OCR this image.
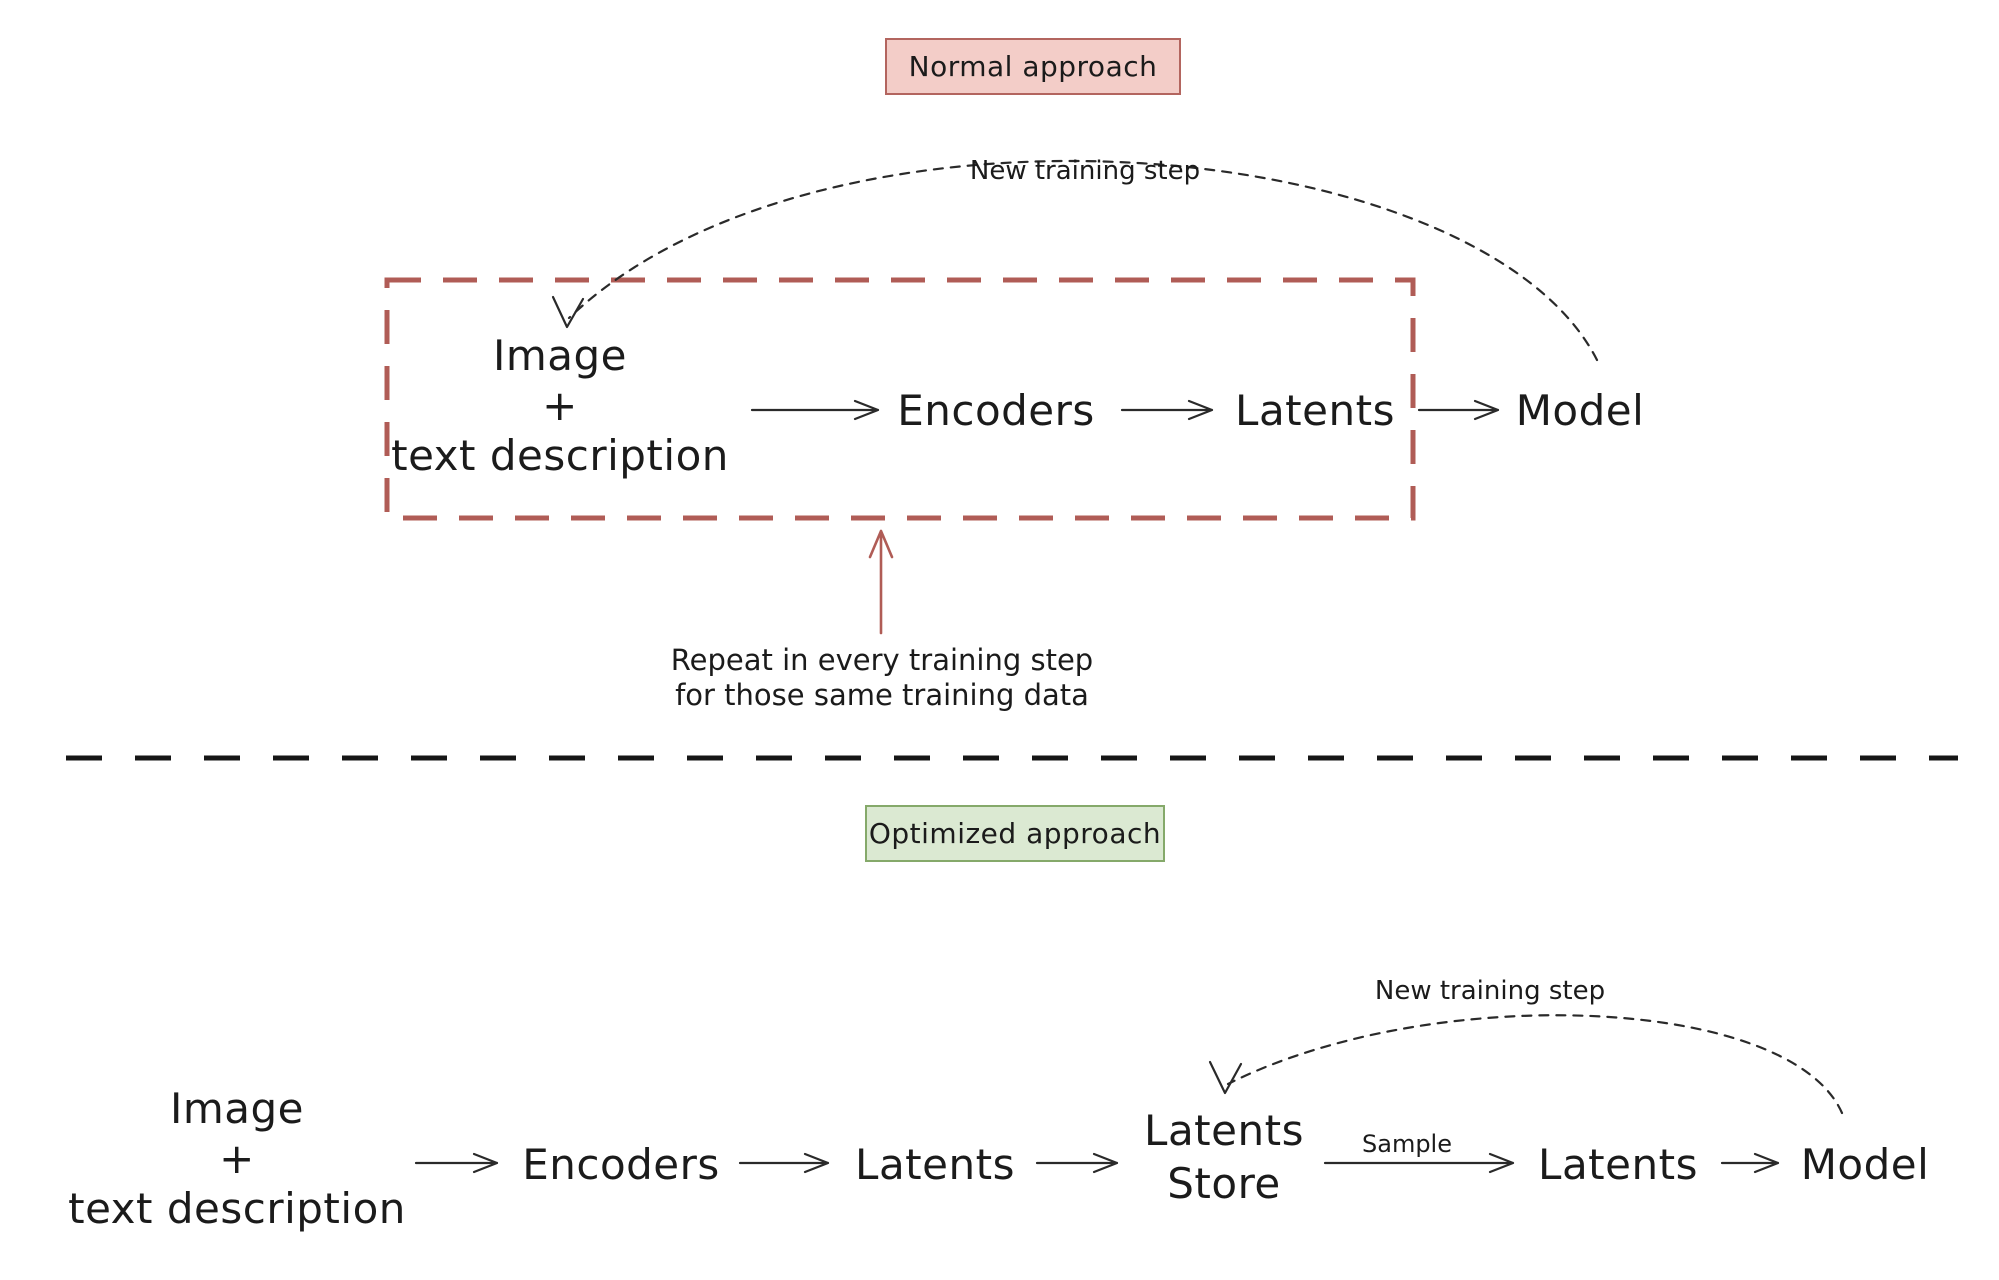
Normal approach
New training step
Image
+
text description
Encoders	Latents	Model
Repeat in every training step
for those same training data
Optimized approach
New training step
Image
+
text description
Encoders	Latents
Latents
Store
Sample Latents Model
